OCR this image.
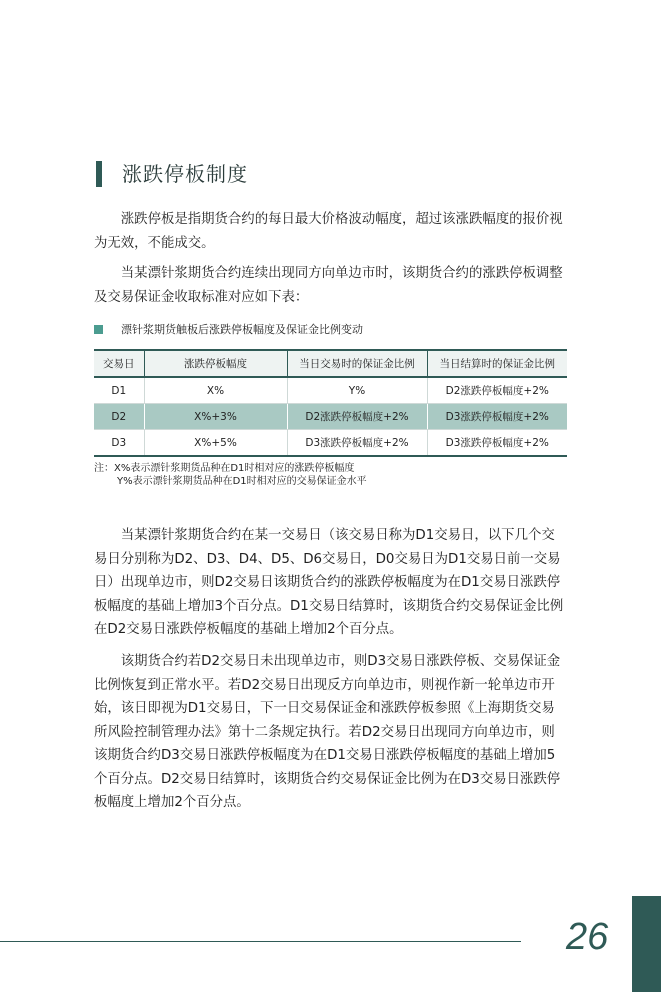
涨跌停板制度

涨跌停板是指期货合约的每日最大价格波动幅度，超过该涨跌幅度的报价视为无效，不能成交。

当某漂针浆期货合约连续出现同方向单边市时，该期货合约的涨跌停板调整及交易保证金收取标准对应如下表：

漂针浆期货触板后涨跌停板幅度及保证金比例变动
交易日	涨跌停板幅度	当日交易时的保证金比例	当日结算时的保证金比例
D1	X%	Y%	D2涨跌停板幅度+2%
D2	X%+3%	D2涨跌停板幅度+2%	D3涨跌停板幅度+2%
D3	X%+5%	D3涨跌停板幅度+2%	D3涨跌停板幅度+2%
注：X%表示漂针浆期货品种在D1时相对应的涨跌停板幅度
Y%表示漂针浆期货品种在D1时相对应的交易保证金水平

当某漂针浆期货合约在某一交易日（该交易日称为D1交易日，以下几个交易日分别称为D2、D3、D4、D5、D6交易日，D0交易日为D1交易日前一交易日）出现单边市，则D2交易日该期货合约的涨跌停板幅度为在D1交易日涨跌停板幅度的基础上增加3个百分点。D1交易日结算时，该期货合约交易保证金比例在D2交易日涨跌停板幅度的基础上增加2个百分点。

该期货合约若D2交易日未出现单边市，则D3交易日涨跌停板、交易保证金比例恢复到正常水平。若D2交易日出现反方向单边市，则视作新一轮单边市开始，该日即视为D1交易日，下一日交易保证金和涨跌停板参照《上海期货交易所风险控制管理办法》第十二条规定执行。若D2交易日出现同方向单边市，则该期货合约D3交易日涨跌停板幅度为在D1交易日涨跌停板幅度的基础上增加5个百分点。D2交易日结算时，该期货合约交易保证金比例为在D3交易日涨跌停板幅度上增加2个百分点。

26
